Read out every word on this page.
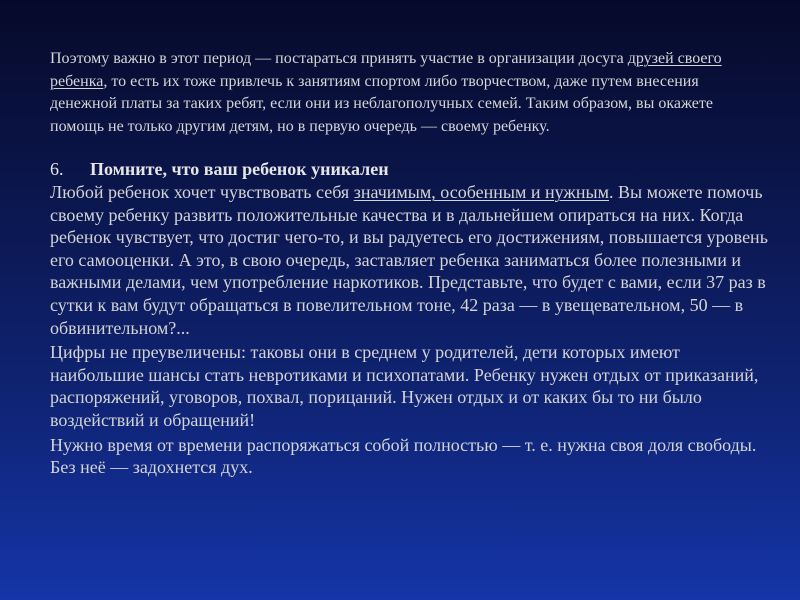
Поэтому важно в этот период — постараться принять участие в организации досуга друзей своего ребенка, то есть их тоже привлечь к занятиям спортом либо творчеством, даже путем внесения денежной платы за таких ребят, если они из неблагополучных семей. Таким образом, вы окажете помощь не только другим детям, но в первую очередь — своему ребенку.

6.	Помните, что ваш ребенок уникален

Любой ребенок хочет чувствовать себя значимым, особенным и нужным. Вы можете помочь своему ребенку развить положительные качества и в дальнейшем опираться на них. Когда ребенок чувствует, что достиг чего-то, и вы радуетесь его достижениям, повышается уровень его самооценки. А это, в свою очередь, заставляет ребенка заниматься более полезными и важными делами, чем употребление наркотиков. Представьте, что будет с вами, если 37 раз в сутки к вам будут обращаться в повелительном тоне, 42 раза — в увещевательном, 50 — в обвинительном?...

Цифры не преувеличены: таковы они в среднем у родителей, дети которых имеют наибольшие шансы стать невротиками и психопатами. Ребенку нужен отдых от приказаний, распоряжений, уговоров, похвал, порицаний. Нужен отдых и от каких бы то ни было воздействий и обращений!

Нужно время от времени распоряжаться собой полностью — т. е. нужна своя доля свободы. Без неё — задохнется дух.
